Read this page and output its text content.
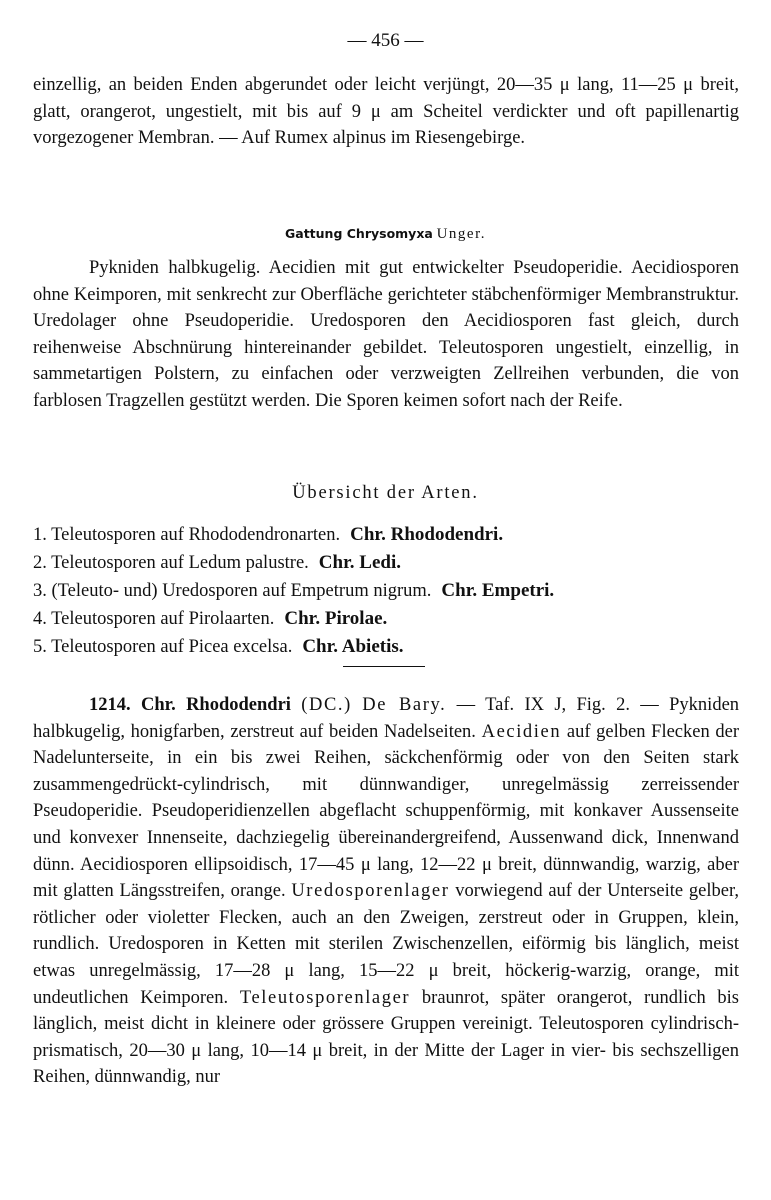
— 456 —

einzellig, an beiden Enden abgerundet oder leicht verjüngt, 20—35 μ lang, 11—25 μ breit, glatt, orangerot, ungestielt, mit bis auf 9 μ am Scheitel verdickter und oft papillenartig vorgezogener Membran. — Auf Rumex alpinus im Riesengebirge.

Gattung Chrysomyxa Unger.

Pykniden halbkugelig. Aecidien mit gut entwickelter Pseudoperidie. Aecidiosporen ohne Keimporen, mit senkrecht zur Oberfläche gerichteter stäbchenförmiger Membranstruktur. Uredolager ohne Pseudoperidie. Uredosporen den Aecidiosporen fast gleich, durch reihenweise Abschnürung hintereinander gebildet. Teleutosporen ungestielt, einzellig, in sammetartigen Polstern, zu einfachen oder verzweigten Zellreihen verbunden, die von farblosen Tragzellen gestützt werden. Die Sporen keimen sofort nach der Reife.

Übersicht der Arten.
1. Teleutosporen auf Rhododendronarten. Chr. Rhododendri.
2. Teleutosporen auf Ledum palustre. Chr. Ledi.
3. (Teleuto- und) Uredosporen auf Empetrum nigrum. Chr. Empetri.
4. Teleutosporen auf Pirolaarten. Chr. Pirolae.
5. Teleutosporen auf Picea excelsa. Chr. Abietis.

1214. Chr. Rhododendri (DC.) De Bary. — Taf. IX J, Fig. 2. — Pykniden halbkugelig, honigfarben, zerstreut auf beiden Nadelseiten. Aecidien auf gelben Flecken der Nadelunterseite, in ein bis zwei Reihen, säckchenförmig oder von den Seiten stark zusammengedrückt-cylindrisch, mit dünnwandiger, unregelmässig zerreissender Pseudoperidie. Pseudoperidienzellen abgeflacht schuppenförmig, mit konkaver Aussenseite und konvexer Innenseite, dachziegelig übereinandergreifend, Aussenwand dick, Innenwand dünn. Aecidiosporen ellipsoidisch, 17—45 μ lang, 12—22 μ breit, dünnwandig, warzig, aber mit glatten Längsstreifen, orange. Uredosporenlager vorwiegend auf der Unterseite gelber, rötlicher oder violetter Flecken, auch an den Zweigen, zerstreut oder in Gruppen, klein, rundlich. Uredosporen in Ketten mit sterilen Zwischenzellen, eiförmig bis länglich, meist etwas unregelmässig, 17—28 μ lang, 15—22 μ breit, höckerig-warzig, orange, mit undeutlichen Keimporen. Teleutosporenlager braunrot, später orangerot, rundlich bis länglich, meist dicht in kleinere oder grössere Gruppen vereinigt. Teleutosporen cylindrisch-prismatisch, 20—30 μ lang, 10—14 μ breit, in der Mitte der Lager in vier- bis sechszelligen Reihen, dünnwandig, nur
